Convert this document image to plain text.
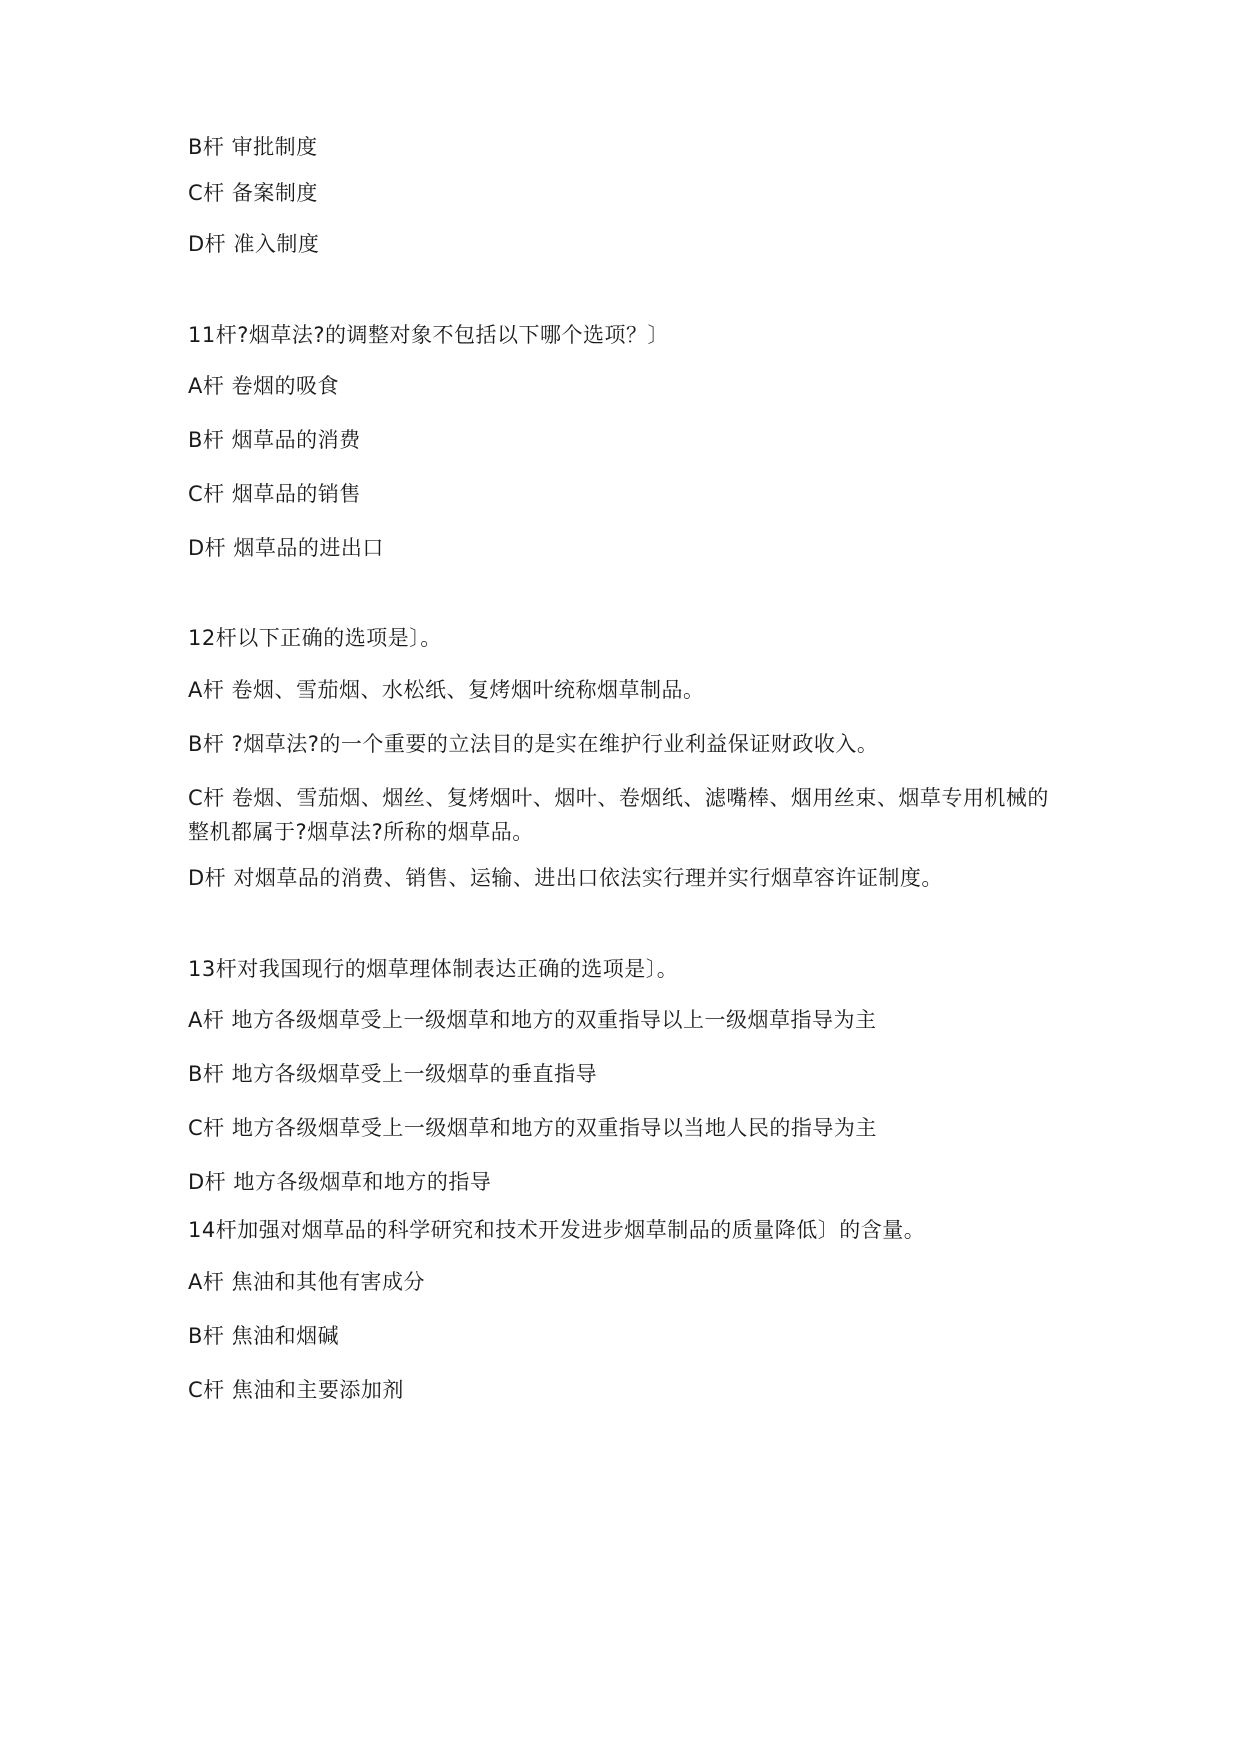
B杆 审批制度
C杆 备案制度
D杆 准入制度
11杆?烟草法?的调整对象不包括以下哪个选项？〕
A杆 卷烟的吸食
B杆 烟草品的消费
C杆 烟草品的销售
D杆 烟草品的进出口
12杆以下正确的选项是〕。
A杆 卷烟、雪茄烟、水松纸、复烤烟叶统称烟草制品。
B杆 ?烟草法?的一个重要的立法目的是实在维护行业利益保证财政收入。
C杆 卷烟、雪茄烟、烟丝、复烤烟叶、烟叶、卷烟纸、滤嘴棒、烟用丝束、烟草专用机械的整机都属于?烟草法?所称的烟草品。
D杆 对烟草品的消费、销售、运输、进出口依法实行理并实行烟草容许证制度。
13杆对我国现行的烟草理体制表达正确的选项是〕。
A杆 地方各级烟草受上一级烟草和地方的双重指导以上一级烟草指导为主
B杆 地方各级烟草受上一级烟草的垂直指导
C杆 地方各级烟草受上一级烟草和地方的双重指导以当地人民的指导为主
D杆 地方各级烟草和地方的指导
14杆加强对烟草品的科学研究和技术开发进步烟草制品的质量降低〕的含量。
A杆 焦油和其他有害成分
B杆 焦油和烟碱
C杆 焦油和主要添加剂
